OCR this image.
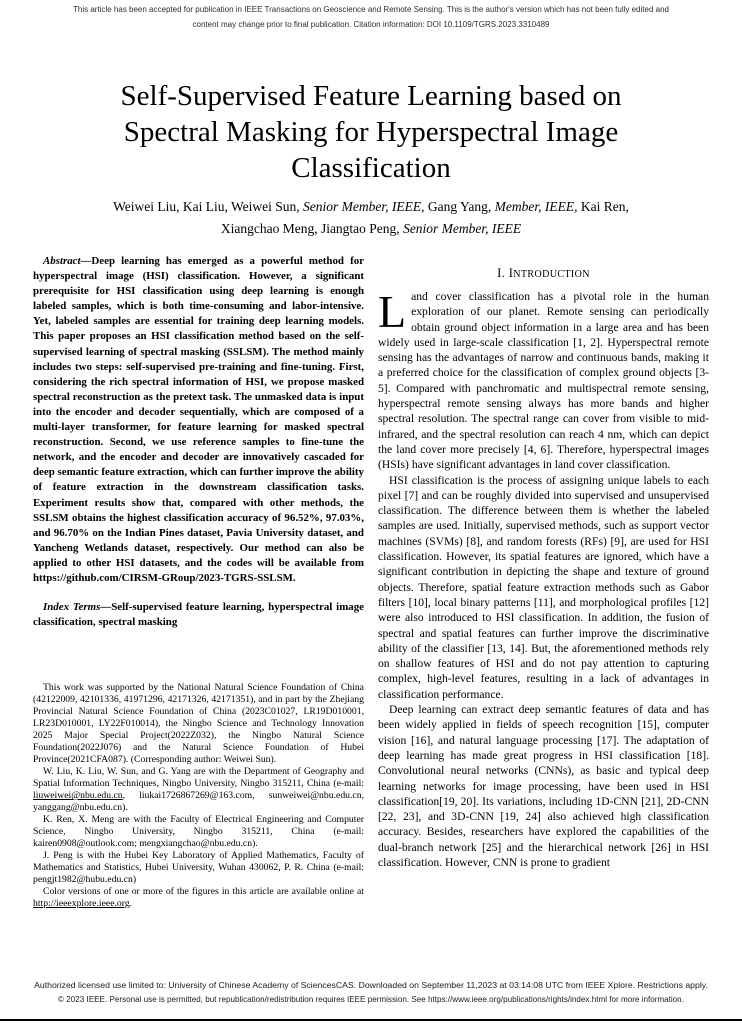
This article has been accepted for publication in IEEE Transactions on Geoscience and Remote Sensing. This is the author's version which has not been fully edited and
content may change prior to final publication. Citation information: DOI 10.1109/TGRS.2023.3310489
Self-Supervised Feature Learning based on
Spectral Masking for Hyperspectral Image
Classification
Weiwei Liu, Kai Liu, Weiwei Sun, Senior Member, IEEE, Gang Yang, Member, IEEE, Kai Ren,
Xiangchao Meng, Jiangtao Peng, Senior Member, IEEE

Abstract—Deep learning has emerged as a powerful method for hyperspectral image (HSI) classification. However, a significant prerequisite for HSI classification using deep learning is enough labeled samples, which is both time-consuming and labor-intensive. Yet, labeled samples are essential for training deep learning models. This paper proposes an HSI classification method based on the self-supervised learning of spectral masking (SSLSM). The method mainly includes two steps: self-supervised pre-training and fine-tuning. First, considering the rich spectral information of HSI, we propose masked spectral reconstruction as the pretext task. The unmasked data is input into the encoder and decoder sequentially, which are composed of a multi-layer transformer, for feature learning for masked spectral reconstruction. Second, we use reference samples to fine-tune the network, and the encoder and decoder are innovatively cascaded for deep semantic feature extraction, which can further improve the ability of feature extraction in the downstream classification tasks. Experiment results show that, compared with other methods, the SSLSM obtains the highest classification accuracy of 96.52%, 97.03%, and 96.70% on the Indian Pines dataset, Pavia University dataset, and Yancheng Wetlands dataset, respectively. Our method can also be applied to other HSI datasets, and the codes will be available from https://github.com/CIRSM-GRoup/2023-TGRS-SSLSM.

Index Terms—Self-supervised feature learning, hyperspectral image classification, spectral masking

This work was supported by the National Natural Science Foundation of China (42122009, 42101336, 41971296, 42171326, 42171351), and in part by the Zhejiang Provincial Natural Science Foundation of China (2023C01027, LR19D010001, LR23D010001, LY22F010014), the Ningbo Science and Technology Innovation 2025 Major Special Project(2022Z032), the Ningbo Natural Science Foundation(2022J076) and the Natural Science Foundation of Hubei Province(2021CFA087). (Corresponding author: Weiwei Sun).

W. Liu, K. Liu, W. Sun, and G. Yang are with the Department of Geography and Spatial Information Techniques, Ningbo University, Ningbo 315211, China (e-mail: liuweiwei@nbu.edu.cn, liukai1726867269@163.com, sunweiwei@nbu.edu.cn, yanggang@nbu.edu.cn).

K. Ren, X. Meng are with the Faculty of Electrical Engineering and Computer Science, Ningbo University, Ningbo 315211, China (e-mail: kairen0908@outlook.com; mengxiangchao@nbu.edu.cn).

J. Peng is with the Hubei Key Laboratory of Applied Mathematics, Faculty of Mathematics and Statistics, Hubei University, Wuhan 430062, P. R. China (e-mail: pengjt1982@hubu.edu.cn)

Color versions of one or more of the figures in this article are available online at http://ieeexplore.ieee.org.

I. INTRODUCTION

Land cover classification has a pivotal role in the human exploration of our planet. Remote sensing can periodically obtain ground object information in a large area and has been widely used in large-scale classification [1, 2]. Hyperspectral remote sensing has the advantages of narrow and continuous bands, making it a preferred choice for the classification of complex ground objects [3-5]. Compared with panchromatic and multispectral remote sensing, hyperspectral remote sensing always has more bands and higher spectral resolution. The spectral range can cover from visible to mid-infrared, and the spectral resolution can reach 4 nm, which can depict the land cover more precisely [4, 6]. Therefore, hyperspectral images (HSIs) have significant advantages in land cover classification.

HSI classification is the process of assigning unique labels to each pixel [7] and can be roughly divided into supervised and unsupervised classification. The difference between them is whether the labeled samples are used. Initially, supervised methods, such as support vector machines (SVMs) [8], and random forests (RFs) [9], are used for HSI classification. However, its spatial features are ignored, which have a significant contribution in depicting the shape and texture of ground objects. Therefore, spatial feature extraction methods such as Gabor filters [10], local binary patterns [11], and morphological profiles [12] were also introduced to HSI classification. In addition, the fusion of spectral and spatial features can further improve the discriminative ability of the classifier [13, 14]. But, the aforementioned methods rely on shallow features of HSI and do not pay attention to capturing complex, high-level features, resulting in a lack of advantages in classification performance.

Deep learning can extract deep semantic features of data and has been widely applied in fields of speech recognition [15], computer vision [16], and natural language processing [17]. The adaptation of deep learning has made great progress in HSI classification [18]. Convolutional neural networks (CNNs), as basic and typical deep learning networks for image processing, have been used in HSI classification[19, 20]. Its variations, including 1D-CNN [21], 2D-CNN [22, 23], and 3D-CNN [19, 24] also achieved high classification accuracy. Besides, researchers have explored the capabilities of the dual-branch network [25] and the hierarchical network [26] in HSI classification. However, CNN is prone to gradient

Authorized licensed use limited to: University of Chinese Academy of SciencesCAS. Downloaded on September 11,2023 at 03:14:08 UTC from IEEE Xplore. Restrictions apply.
© 2023 IEEE. Personal use is permitted, but republication/redistribution requires IEEE permission. See https://www.ieee.org/publications/rights/index.html for more information.
